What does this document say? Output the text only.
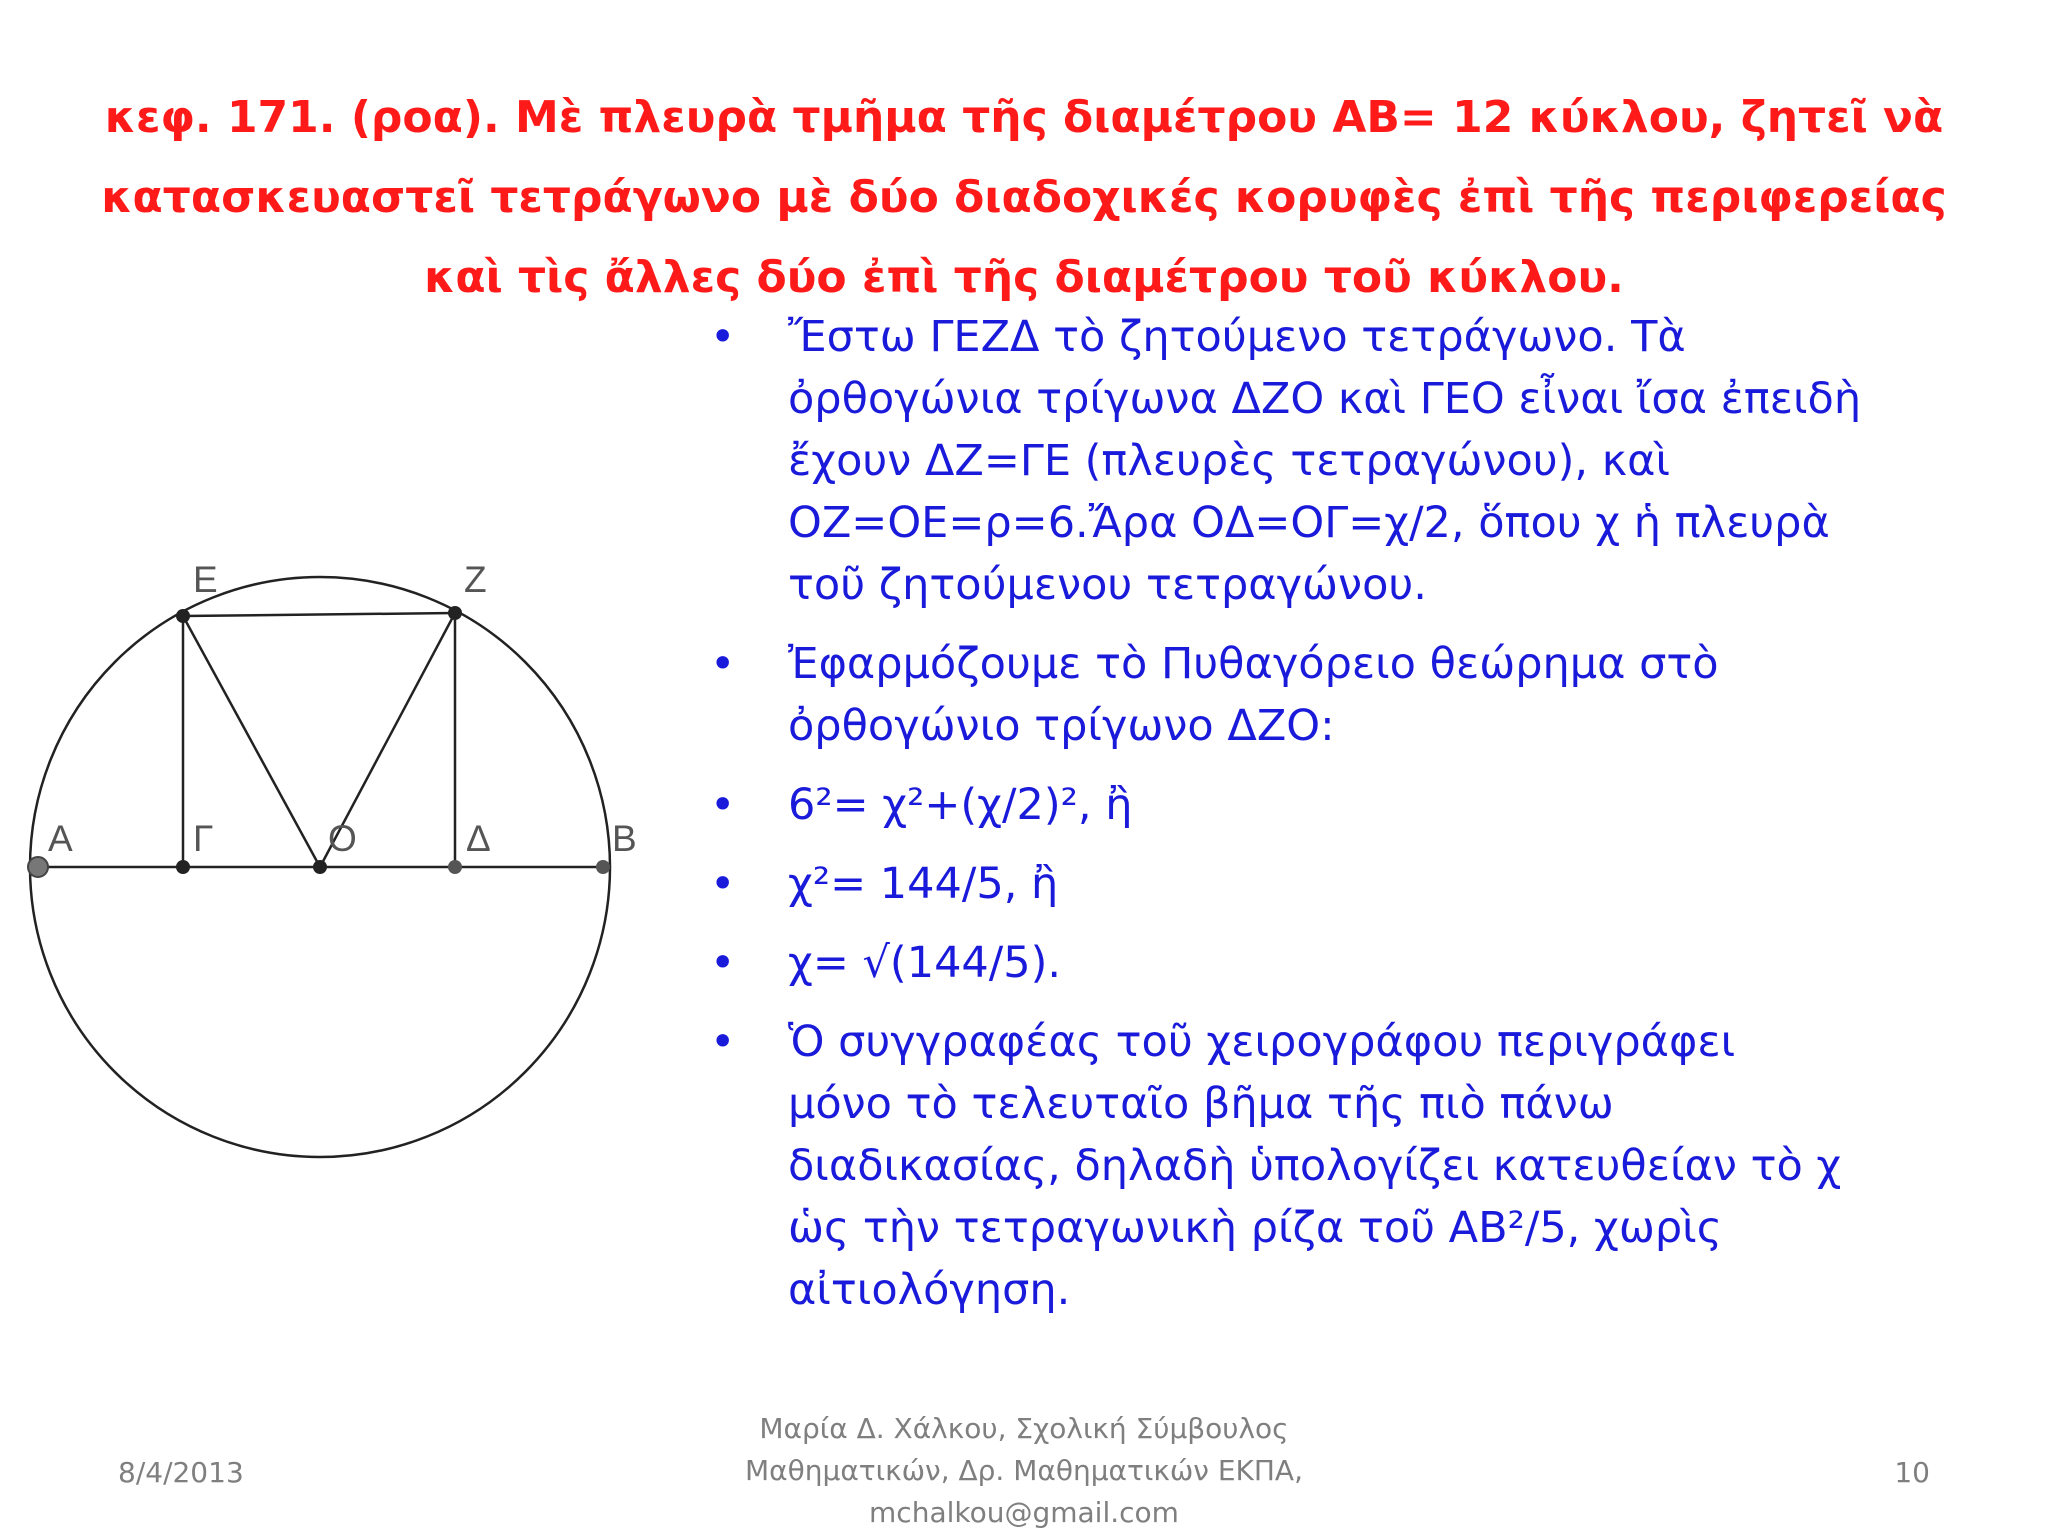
κεφ. 171. (ροα). Μὲ πλευρὰ τμῆμα τῆς διαμέτρου ΑΒ= 12 κύκλου, ζητεῖ νὰ
κατασκευαστεῖ τετράγωνο μὲ δύο διαδοχικές κορυφὲς ἐπὶ τῆς περιφερείας
καὶ τὶς ἄλλες δύο ἐπὶ τῆς διαμέτρου τοῦ κύκλου.
Ε	Ζ
Α	Γ	Ο	Δ	Β
• Ἔστω ΓΕΖΔ τὸ ζητούμενο τετράγωνο. Τὰ
ὀρθογώνια τρίγωνα ΔΖΟ καὶ ΓΕΟ εἶναι ἴσα ἐπειδὴ
ἔχουν ΔΖ=ΓΕ (πλευρὲς τετραγώνου), καὶ
ΟΖ=ΟΕ=ρ=6.Ἄρα ΟΔ=ΟΓ=χ/2, ὅπου χ ἡ πλευρὰ
τοῦ ζητούμενου τετραγώνου.
• Ἐφαρμόζουμε τὸ Πυθαγόρειο θεώρημα στὸ
ὀρθογώνιο τρίγωνο ΔΖΟ:
• 6²= χ²+(χ/2)², ἢ
• χ²= 144/5, ἢ
• χ= √(144/5).
• Ὁ συγγραφέας τοῦ χειρογράφου περιγράφει
μόνο τὸ τελευταῖο βῆμα τῆς πιὸ πάνω
διαδικασίας, δηλαδὴ ὑπολογίζει κατευθείαν τὸ χ
ὡς τὴν τετραγωνικὴ ρίζα τοῦ ΑΒ²/5, χωρὶς
αἰτιολόγηση.
8/4/2013
Μαρία Δ. Χάλκου, Σχολική Σύμβουλος
Μαθηματικών, Δρ. Μαθηματικών ΕΚΠΑ,
mchalkou@gmail.com
10
